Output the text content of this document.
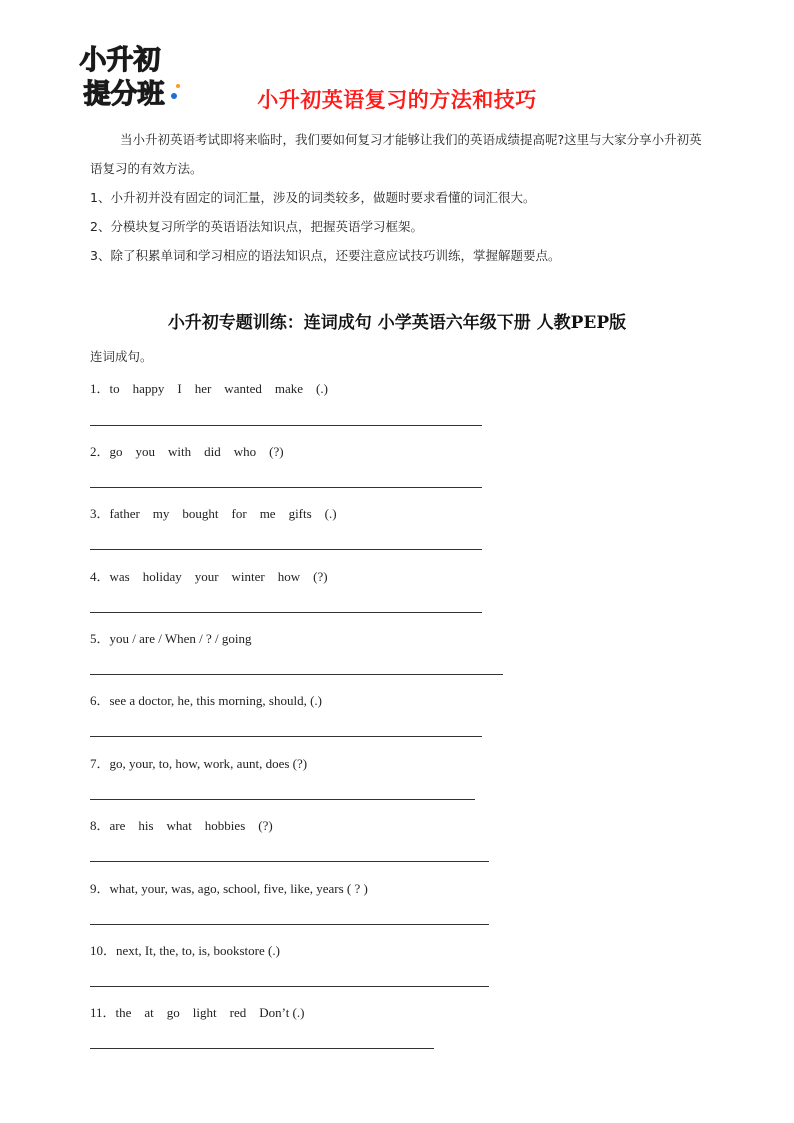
小升初
提分班	小升初英语复习的方法和技巧

当小升初英语考试即将来临时，我们要如何复习才能够让我们的英语成绩提高呢?这里与大家分享小升初英语复习的有效方法。

1、小升初并没有固定的词汇量，涉及的词类较多，做题时要求看懂的词汇很大。

2、分模块复习所学的英语语法知识点，把握英语学习框架。

3、除了积累单词和学习相应的语法知识点，还要注意应试技巧训练，掌握解题要点。

小升初专题训练：连词成句 小学英语六年级下册 人教PEP版
连词成句。
1．to    happy    I    her    wanted    make    (.)
2．go    you    with    did    who    (?)
3．father    my    bought    for    me    gifts    (.)
4．was    holiday    your    winter    how    (?)
5．you / are / When / ? / going
6．see a doctor, he, this morning, should, (.)
7．go, your, to, how, work, aunt, does (?)
8．are    his    what    hobbies    (?)
9．what, your, was, ago, school, five, like, years ( ? )
10．next, It, the, to, is, bookstore (.)
11．the    at    go    light    red    Don’t (.)
